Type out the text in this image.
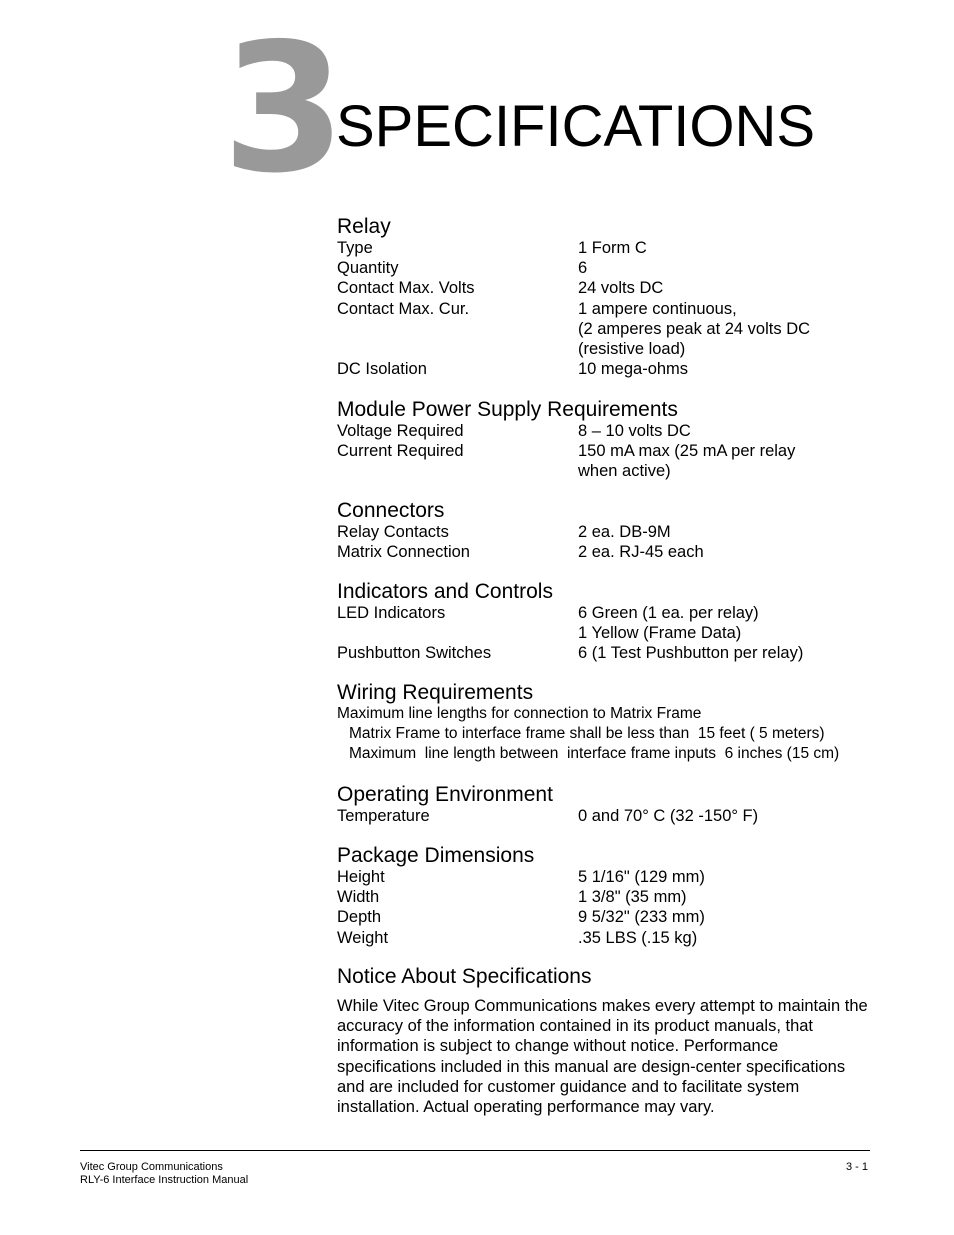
3
SPECIFICATIONS
Relay
Type	1 Form C
Quantity	6
Contact Max. Volts	24 volts DC
Contact Max. Cur.	1 ampere continuous,
(2 amperes peak at 24 volts DC
(resistive load)
DC Isolation	10 mega-ohms
Module Power Supply Requirements
Voltage Required	8 – 10 volts DC
Current Required	150 mA max (25 mA per relay
when active)
Connectors
Relay Contacts	2 ea. DB-9M
Matrix Connection	2 ea. RJ-45 each
Indicators and Controls
LED Indicators	6 Green (1 ea. per relay)
1 Yellow (Frame Data)
Pushbutton Switches	6 (1 Test Pushbutton per relay)
Wiring Requirements
Maximum line lengths for connection to Matrix Frame
Matrix Frame to interface frame shall be less than  15 feet ( 5 meters)
Maximum  line length between  interface frame inputs  6 inches (15 cm)
Operating Environment
Temperature	0 and 70° C (32 -150° F)
Package Dimensions
Height	5 1/16" (129 mm)
Width	1 3/8" (35 mm)
Depth	9 5/32" (233 mm)
Weight	.35 LBS (.15 kg)
Notice About Specifications
While Vitec Group Communications makes every attempt to maintain the accuracy of the information contained in its product manuals, that information is subject to change without notice. Performance specifications included in this manual are design-center specifications and are included for customer guidance and to facilitate system installation. Actual operating performance may vary.
Vitec Group Communications
RLY-6 Interface Instruction Manual
3 - 1
